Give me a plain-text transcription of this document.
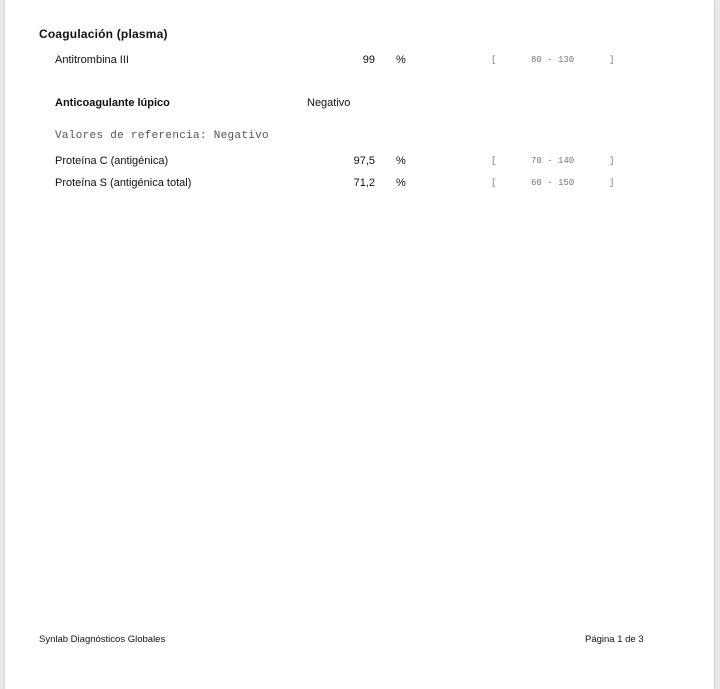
Coagulación (plasma)
Antitrombina III	99 %	[	80 - 130	]
Anticoagulante lúpico	Negativo
Valores de referencia: Negativo
Proteína C (antigénica)	97,5 %	[	70 - 140	]
Proteína S (antigénica total)	71,2 %	[	60 - 150	]
Synlab Diagnósticos Globales	Página 1 de 3
